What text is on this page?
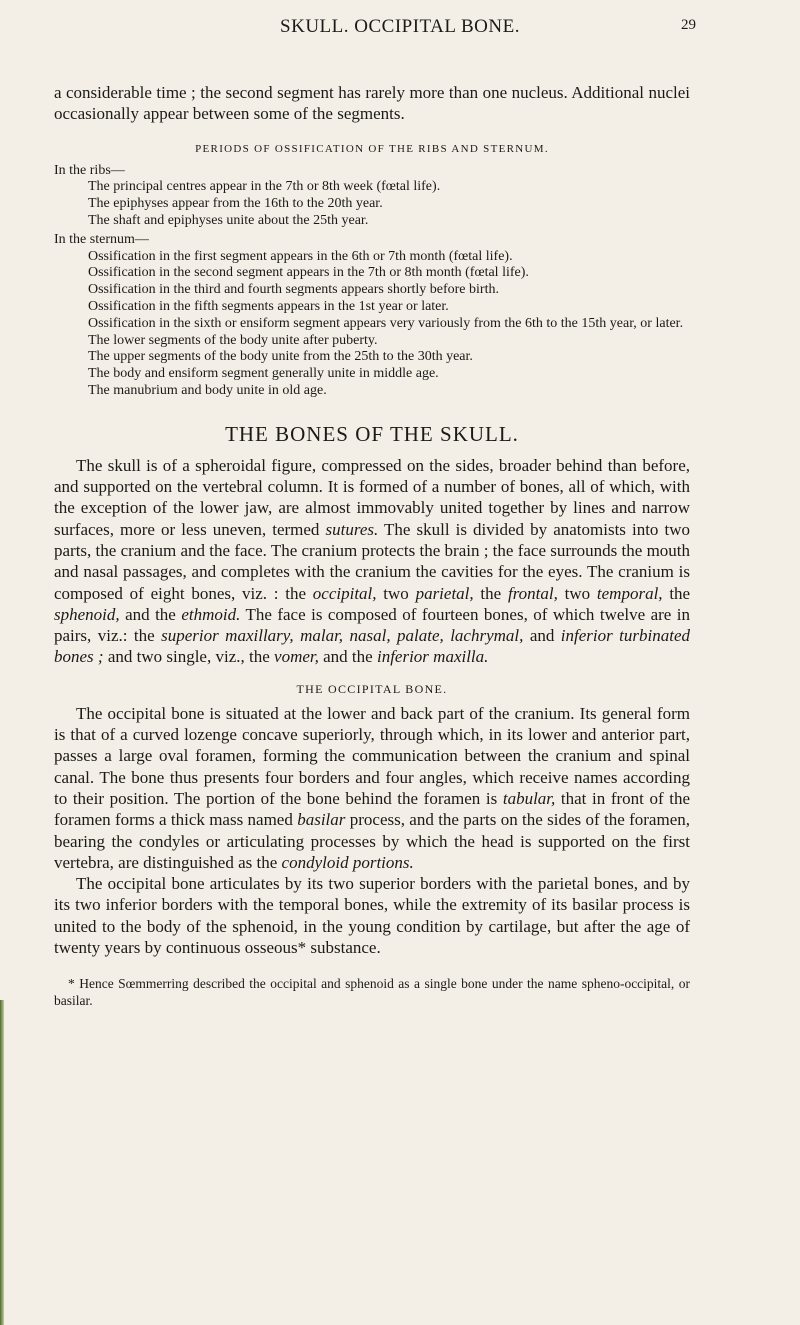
SKULL. OCCIPITAL BONE.	29

a considerable time ; the second segment has rarely more than one nucleus. Additional nuclei occasionally appear between some of the segments.

PERIODS OF OSSIFICATION OF THE RIBS AND STERNUM.

In the ribs—

The principal centres appear in the 7th or 8th week (fœtal life).

The epiphyses appear from the 16th to the 20th year.

The shaft and epiphyses unite about the 25th year.

In the sternum—

Ossification in the first segment appears in the 6th or 7th month (fœtal life).

Ossification in the second segment appears in the 7th or 8th month (fœtal life).

Ossification in the third and fourth segments appears shortly before birth.

Ossification in the fifth segments appears in the 1st year or later.

Ossification in the sixth or ensiform segment appears very variously from the 6th to the 15th year, or later.

The lower segments of the body unite after puberty.

The upper segments of the body unite from the 25th to the 30th year.

The body and ensiform segment generally unite in middle age.

The manubrium and body unite in old age.

THE BONES OF THE SKULL.

The skull is of a spheroidal figure, compressed on the sides, broader behind than before, and supported on the vertebral column. It is formed of a number of bones, all of which, with the exception of the lower jaw, are almost immovably united together by lines and narrow surfaces, more or less uneven, termed sutures. The skull is divided by anatomists into two parts, the cranium and the face. The cranium protects the brain ; the face surrounds the mouth and nasal passages, and completes with the cranium the cavities for the eyes. The cranium is composed of eight bones, viz. : the occipital, two parietal, the frontal, two temporal, the sphenoid, and the ethmoid. The face is composed of fourteen bones, of which twelve are in pairs, viz.: the superior maxillary, malar, nasal, palate, lachrymal, and inferior turbinated bones ; and two single, viz., the vomer, and the inferior maxilla.

THE OCCIPITAL BONE.

The occipital bone is situated at the lower and back part of the cranium. Its general form is that of a curved lozenge concave superiorly, through which, in its lower and anterior part, passes a large oval foramen, forming the communication between the cranium and spinal canal. The bone thus presents four borders and four angles, which receive names according to their position. The portion of the bone behind the foramen is tabular, that in front of the foramen forms a thick mass named basilar process, and the parts on the sides of the foramen, bearing the condyles or articulating processes by which the head is supported on the first vertebra, are distinguished as the condyloid portions.

The occipital bone articulates by its two superior borders with the parietal bones, and by its two inferior borders with the temporal bones, while the extremity of its basilar process is united to the body of the sphenoid, in the young condition by cartilage, but after the age of twenty years by continuous osseous* substance.

* Hence Sœmmerring described the occipital and sphenoid as a single bone under the name spheno-occipital, or basilar.
